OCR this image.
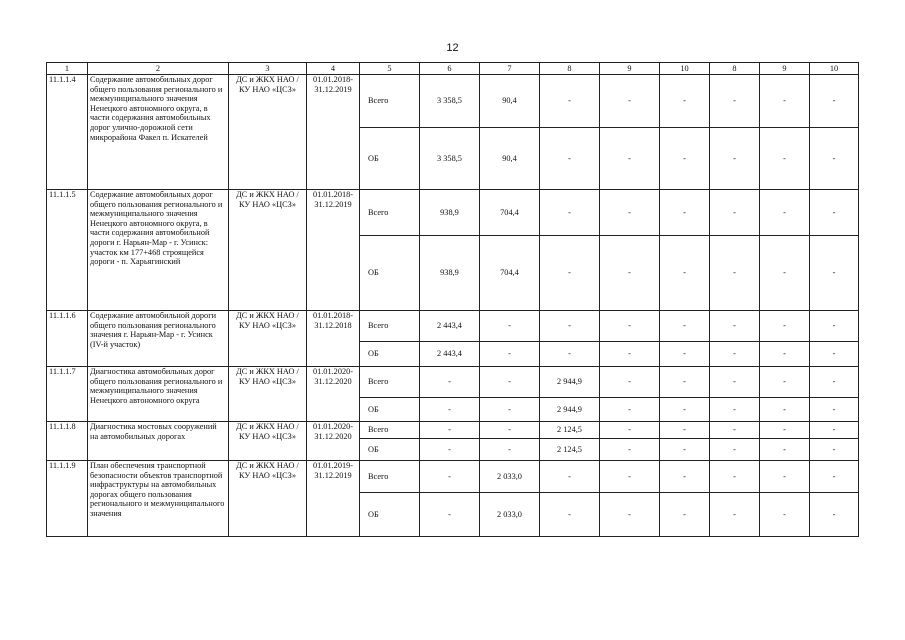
12
1	2	3	4	5	6	7	8	9	10	8	9	10
11.1.1.4	Содержание автомобильных дорог общего пользования регионального и межмуниципального значения Ненецкого автономного округа, в части содержания автомобильных дорог улично-дорожной сети микрорайона Факел п. Искателей	ДС и ЖКХ НАО / КУ НАО «ЦСЗ»	01.01.2018-31.12.2019	Всего	3 358,5	90,4	-	-	-	-	-	-
				ОБ	3 358,5	90,4	-	-	-	-	-	-
11.1.1.5	Содержание автомобильных дорог общего пользования регионального и межмуниципального значения Ненецкого автономного округа, в части содержания автомобильной дороги г. Нарьян-Мар - г. Усинск: участок км 177+468 строящейся дороги - п. Харьягинский	ДС и ЖКХ НАО / КУ НАО «ЦСЗ»	01.01.2018-31.12.2019	Всего	938,9	704,4	-	-	-	-	-	-
				ОБ	938,9	704,4	-	-	-	-	-	-
11.1.1.6	Содержание автомобильной дороги общего пользования регионального значения г. Нарьян-Мар - г. Усинск (IV-й участок)	ДС и ЖКХ НАО / КУ НАО «ЦСЗ»	01.01.2018-31.12.2018	Всего	2 443,4	-	-	-	-	-	-	-
				ОБ	2 443,4	-	-	-	-	-	-	-
11.1.1.7	Диагностика автомобильных дорог общего пользования регионального и межмуниципального значения Ненецкого автономного округа	ДС и ЖКХ НАО / КУ НАО «ЦСЗ»	01.01.2020-31.12.2020	Всего	-	-	2 944,9	-	-	-	-	-
				ОБ	-	-	2 944,9	-	-	-	-	-
11.1.1.8	Диагностика мостовых сооружений на автомобильных дорогах	ДС и ЖКХ НАО / КУ НАО «ЦСЗ»	01.01.2020-31.12.2020	Всего	-	-	2 124,5	-	-	-	-	-
				ОБ	-	-	2 124,5	-	-	-	-	-
11.1.1.9	План обеспечения транспортной безопасности объектов транспортной инфраструктуры на автомобильных дорогах общего пользования регионального и межмуниципального значения	ДС и ЖКХ НАО / КУ НАО «ЦСЗ»	01.01.2019-31.12.2019	Всего	-	2 033,0	-	-	-	-	-	-
				ОБ	-	2 033,0	-	-	-	-	-	-
